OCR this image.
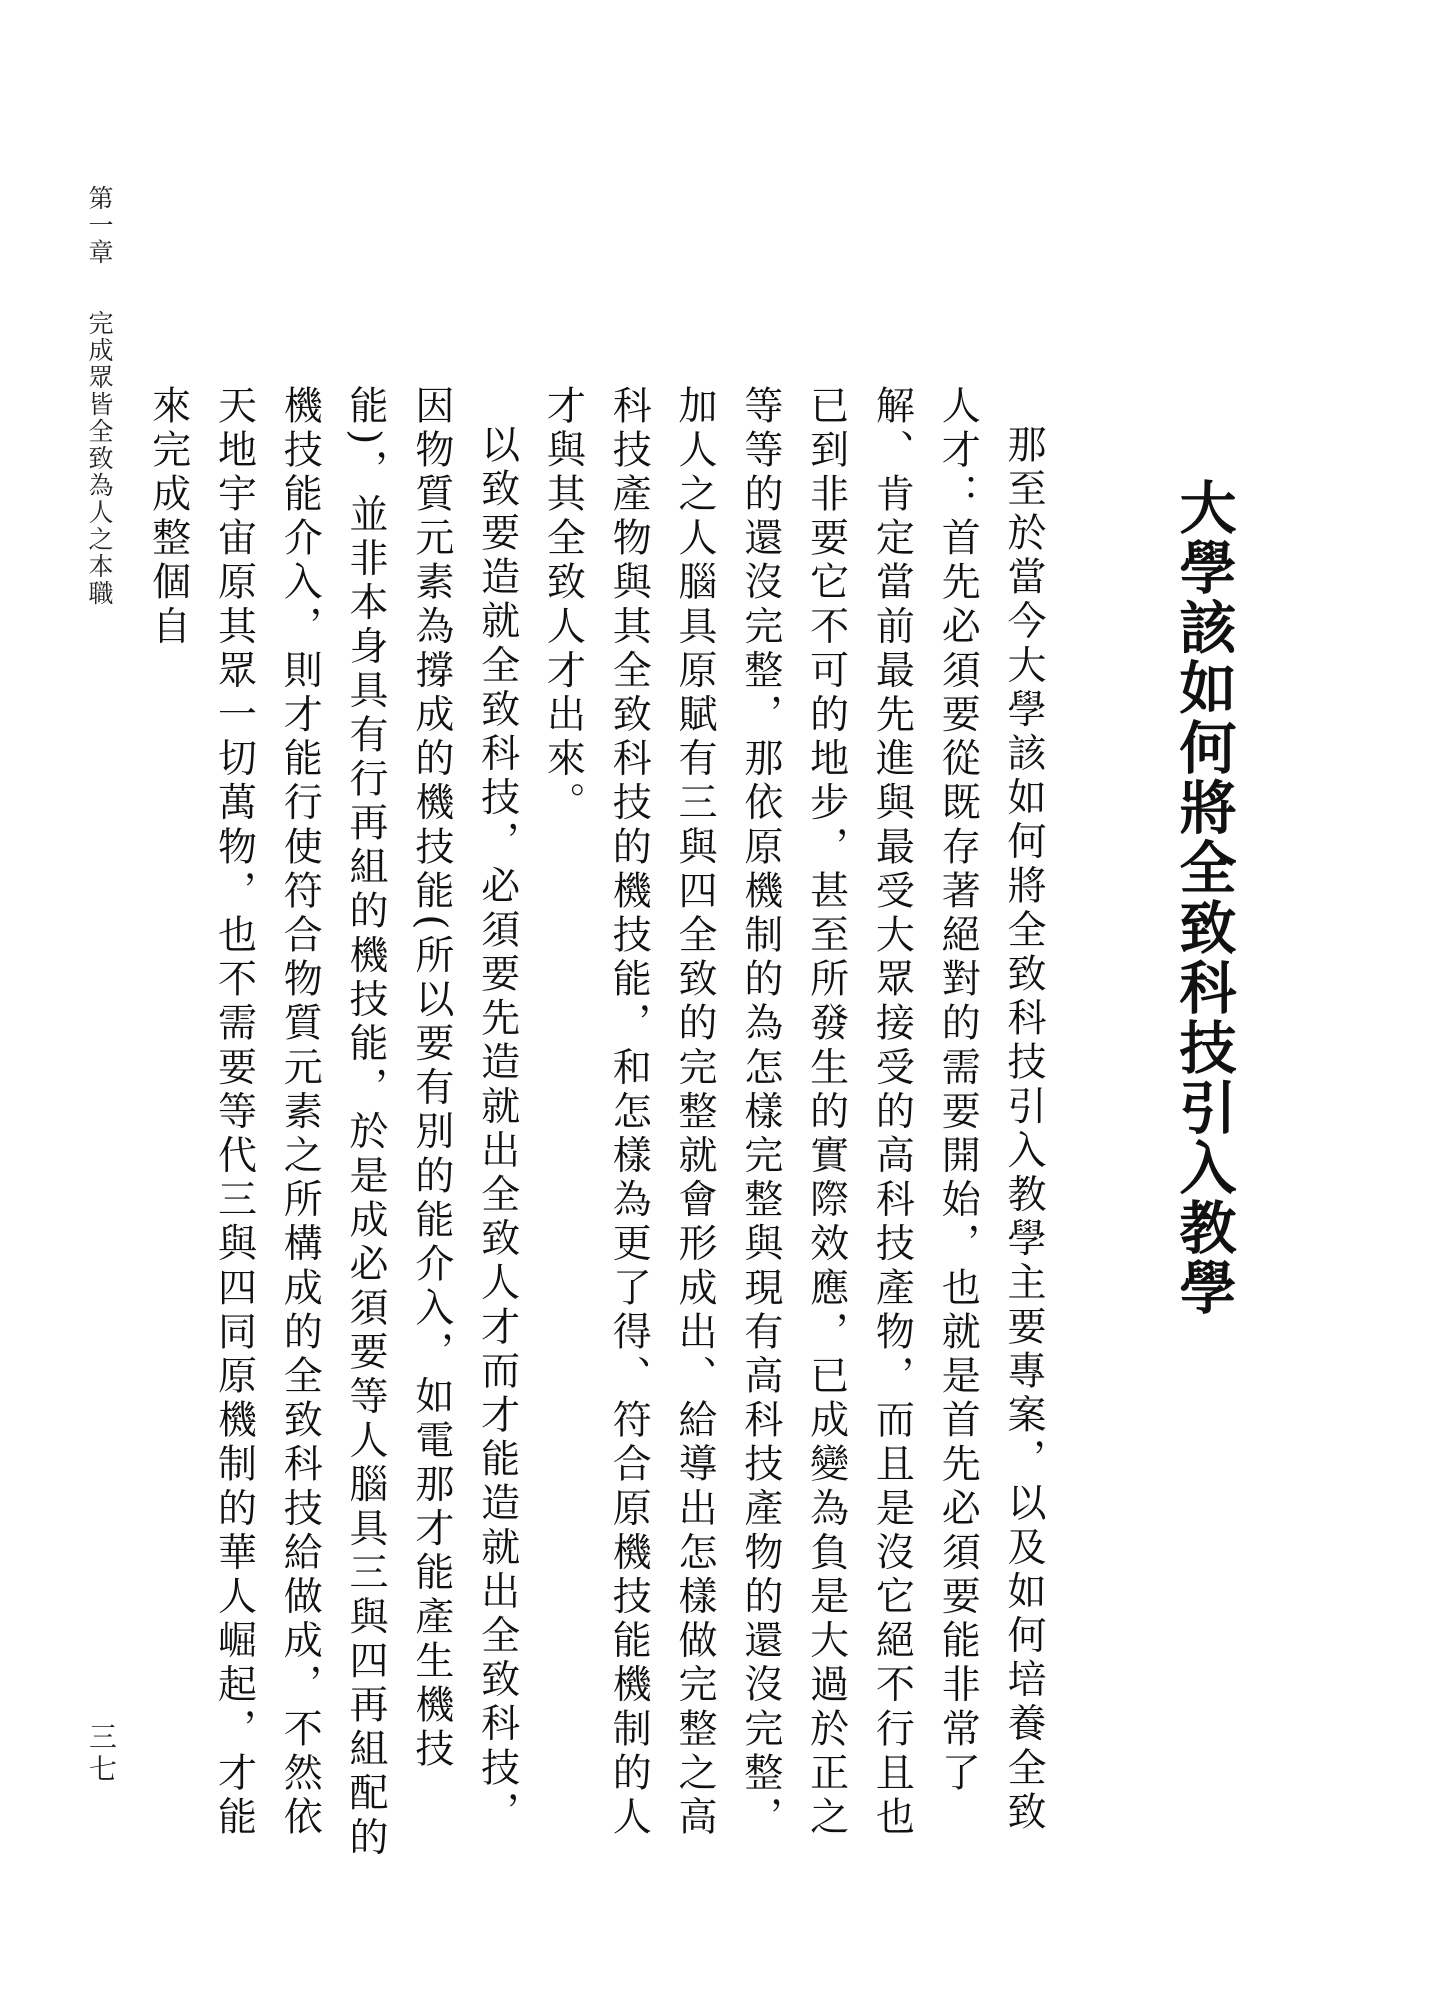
第一章完成眾皆全致為人之本職
三七
大學該如何將全致科技引入教學

那至於當今大學該如何將全致科技引入教學主要專案，以及如何培養全致人才：首先必須要從既存著絕對的需要開始，也就是首先必須要能非常了解、肯定當前最先進與最受大眾接受的高科技產物，而且是沒它絕不行且也已到非要它不可的地步，甚至所發生的實際效應，已成變為負是大過於正之等等的還沒完整，那依原機制的為怎樣完整與現有高科技產物的還沒完整，加人之人腦具原賦有三與四全致的完整就會形成出、給導出怎樣做完整之高科技產物與其全致科技的機技能，和怎樣為更了得、符合原機技能機制的人才與其全致人才出來。

以致要造就全致科技，必須要先造就出全致人才而才能造就出全致科技，因物質元素為撐成的機技能(所以要有別的能介入，如電那才能產生機技能)，並非本身具有行再組的機技能，於是成必須要等人腦具三與四再組配的機技能介入，則才能行使符合物質元素之所構成的全致科技給做成，不然依天地宇宙原其眾一切萬物，也不需要等代三與四同原機制的華人崛起，才能來完成整個自
